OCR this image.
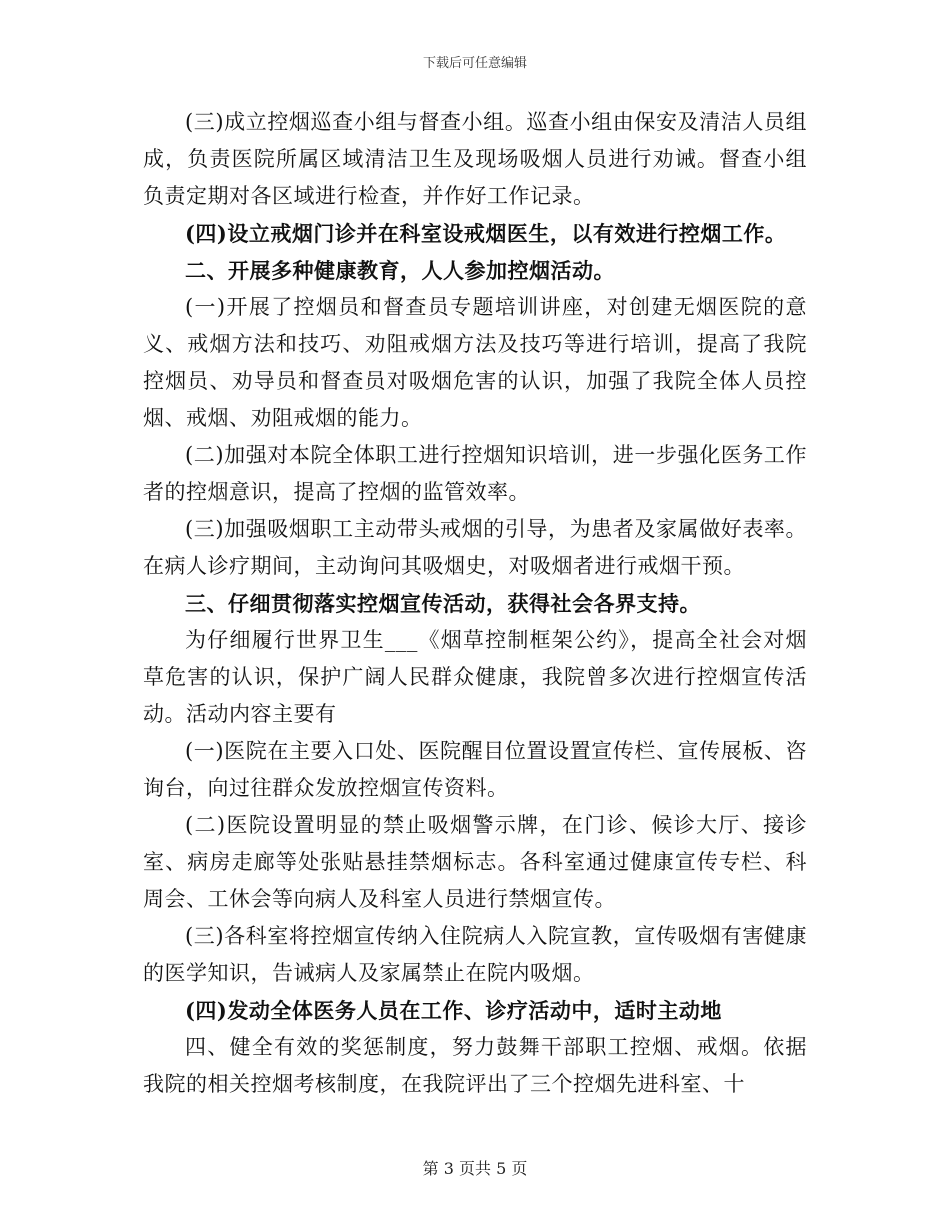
下载后可任意编辑

(三)成立控烟巡查小组与督查小组。巡查小组由保安及清洁人员组成，负责医院所属区域清洁卫生及现场吸烟人员进行劝诫。督查小组负责定期对各区域进行检查，并作好工作记录。

(四)设立戒烟门诊并在科室设戒烟医生，以有效进行控烟工作。

二、开展多种健康教育，人人参加控烟活动。

(一)开展了控烟员和督查员专题培训讲座，对创建无烟医院的意义、戒烟方法和技巧、劝阻戒烟方法及技巧等进行培训，提高了我院控烟员、劝导员和督查员对吸烟危害的认识，加强了我院全体人员控烟、戒烟、劝阻戒烟的能力。

(二)加强对本院全体职工进行控烟知识培训，进一步强化医务工作者的控烟意识，提高了控烟的监管效率。

(三)加强吸烟职工主动带头戒烟的引导，为患者及家属做好表率。在病人诊疗期间，主动询问其吸烟史，对吸烟者进行戒烟干预。

三、仔细贯彻落实控烟宣传活动，获得社会各界支持。

为仔细履行世界卫生___《烟草控制框架公约》，提高全社会对烟草危害的认识，保护广阔人民群众健康，我院曾多次进行控烟宣传活动。活动内容主要有

(一)医院在主要入口处、医院醒目位置设置宣传栏、宣传展板、咨询台，向过往群众发放控烟宣传资料。

(二)医院设置明显的禁止吸烟警示牌，在门诊、候诊大厅、接诊室、病房走廊等处张贴悬挂禁烟标志。各科室通过健康宣传专栏、科周会、工休会等向病人及科室人员进行禁烟宣传。

(三)各科室将控烟宣传纳入住院病人入院宣教，宣传吸烟有害健康的医学知识，告诫病人及家属禁止在院内吸烟。

(四)发动全体医务人员在工作、诊疗活动中，适时主动地

四、健全有效的奖惩制度，努力鼓舞干部职工控烟、戒烟。依据我院的相关控烟考核制度，在我院评出了三个控烟先进科室、十

第 3 页共 5 页
